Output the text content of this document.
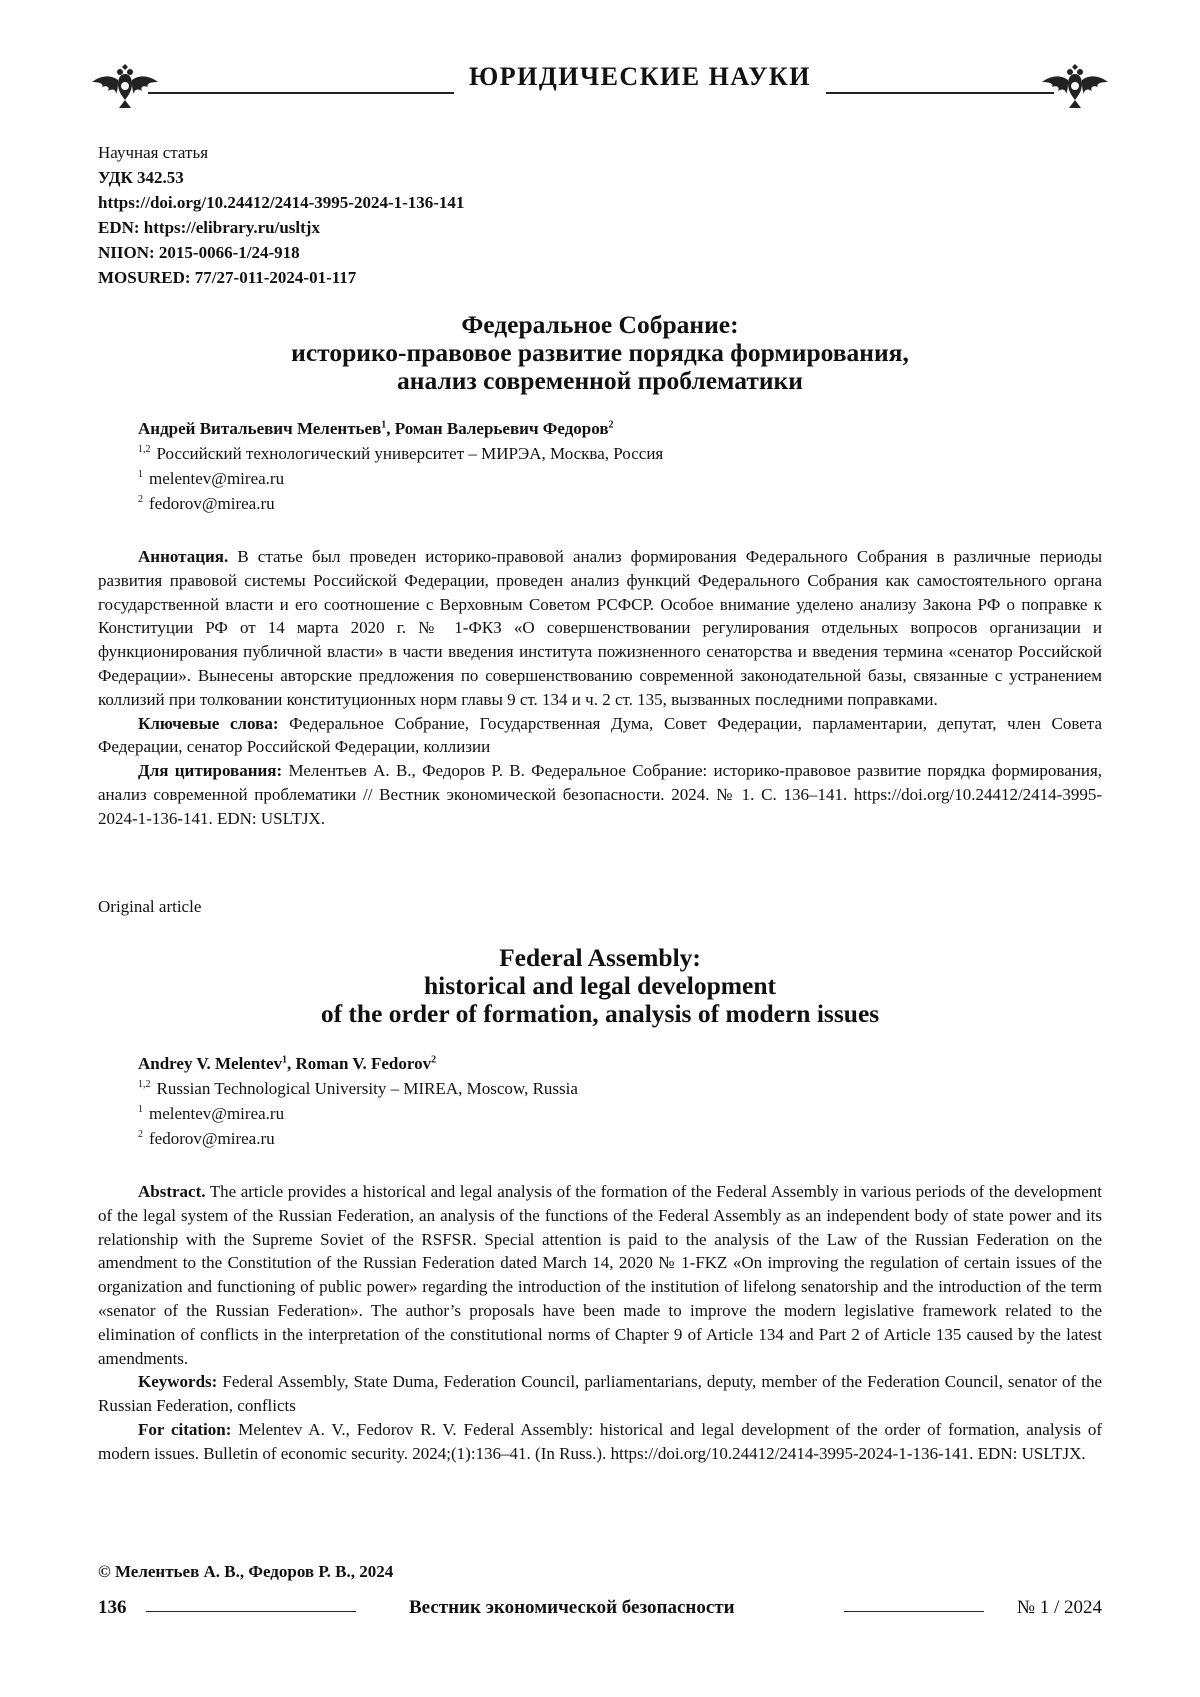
ЮРИДИЧЕСКИЕ НАУКИ
Научная статья
УДК 342.53
https://doi.org/10.24412/2414-3995-2024-1-136-141
EDN: https://elibrary.ru/usltjx
NIION: 2015-0066-1/24-918
MOSURED: 77/27-011-2024-01-117
Федеральное Собрание:
историко-правовое развитие порядка формирования,
анализ современной проблематики
Андрей Витальевич Мелентьев$^1$, Роман Валерьевич Федоров$^2$
$^{1,2}$ Российский технологический университет – МИРЭА, Москва, Россия
$^1$ melentev@mirea.ru
$^2$ fedorov@mirea.ru

Аннотация. В статье был проведен историко-правовой анализ формирования Федерального Собрания в различные периоды развития правовой системы Российской Федерации, проведен анализ функций Федерального Собрания как самостоятельного органа государственной власти и его соотношение с Верховным Советом РСФСР. Особое внимание уделено анализу Закона РФ о поправке к Конституции РФ от 14 марта 2020 г. № 1-ФКЗ «О совершенствовании регулирования отдельных вопросов организации и функционирования публичной власти» в части введения института пожизненного сенаторства и введения термина «сенатор Российской Федерации». Вынесены авторские предложения по совершенствованию современной законодательной базы, связанные с устранением коллизий при толковании конституционных норм главы 9 ст. 134 и ч. 2 ст. 135, вызванных последними поправками.

Ключевые слова: Федеральное Собрание, Государственная Дума, Совет Федерации, парламентарии, депутат, член Совета Федерации, сенатор Российской Федерации, коллизии

Для цитирования: Мелентьев А. В., Федоров Р. В. Федеральное Собрание: историко-правовое развитие порядка формирования, анализ современной проблематики // Вестник экономической безопасности. 2024. № 1. С. 136–141. https://doi.org/10.24412/2414-3995-2024-1-136-141. EDN: USLTJX.

Original article
Federal Assembly:
historical and legal development
of the order of formation, analysis of modern issues
Andrey V. Melentev$^1$, Roman V. Fedorov$^2$
$^{1,2}$ Russian Technological University – MIREA, Moscow, Russia
$^1$ melentev@mirea.ru
$^2$ fedorov@mirea.ru

Abstract. The article provides a historical and legal analysis of the formation of the Federal Assembly in various periods of the development of the legal system of the Russian Federation, an analysis of the functions of the Federal Assembly as an independent body of state power and its relationship with the Supreme Soviet of the RSFSR. Special attention is paid to the analysis of the Law of the Russian Federation on the amendment to the Constitution of the Russian Federation dated March 14, 2020 № 1-FKZ «On improving the regulation of certain issues of the organization and functioning of public power» regarding the introduction of the institution of lifelong senatorship and the introduction of the term «senator of the Russian Federation». The author’s proposals have been made to improve the modern legislative framework related to the elimination of conflicts in the interpretation of the constitutional norms of Chapter 9 of Article 134 and Part 2 of Article 135 caused by the latest amendments.

Keywords: Federal Assembly, State Duma, Federation Council, parliamentarians, deputy, member of the Federation Council, senator of the Russian Federation, conflicts

For citation: Melentev A. V., Fedorov R. V. Federal Assembly: historical and legal development of the order of formation, analysis of modern issues. Bulletin of economic security. 2024;(1):136–41. (In Russ.). https://doi.org/10.24412/2414-3995-2024-1-136-141. EDN: USLTJX.

© Мелентьев А. В., Федоров Р. В., 2024
136	Вестник экономической безопасности	№ 1 / 2024
